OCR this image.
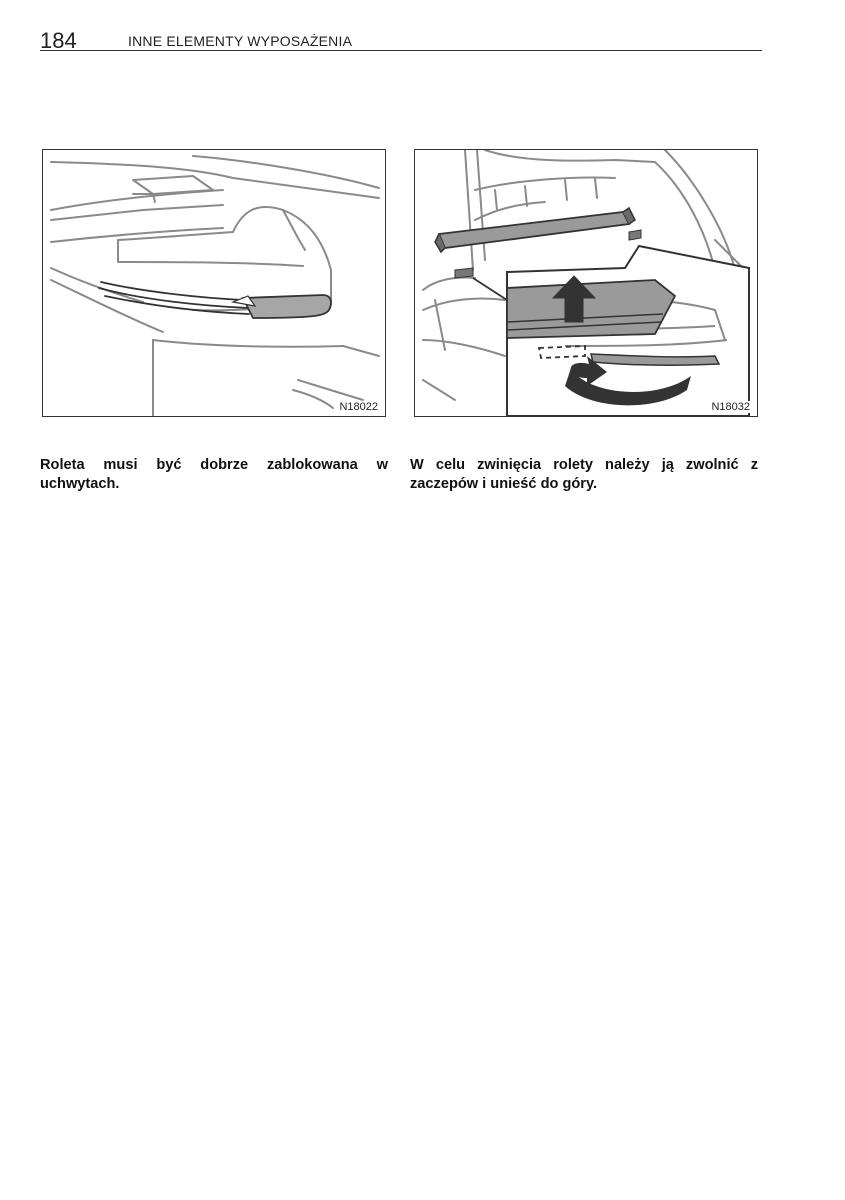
184	INNE ELEMENTY WYPOSAŻENIA
N18022	N18032

Roleta musi być dobrze zablokowana w uchwytach.

W celu zwinięcia rolety należy ją zwolnić z zaczepów i unieść do góry.
